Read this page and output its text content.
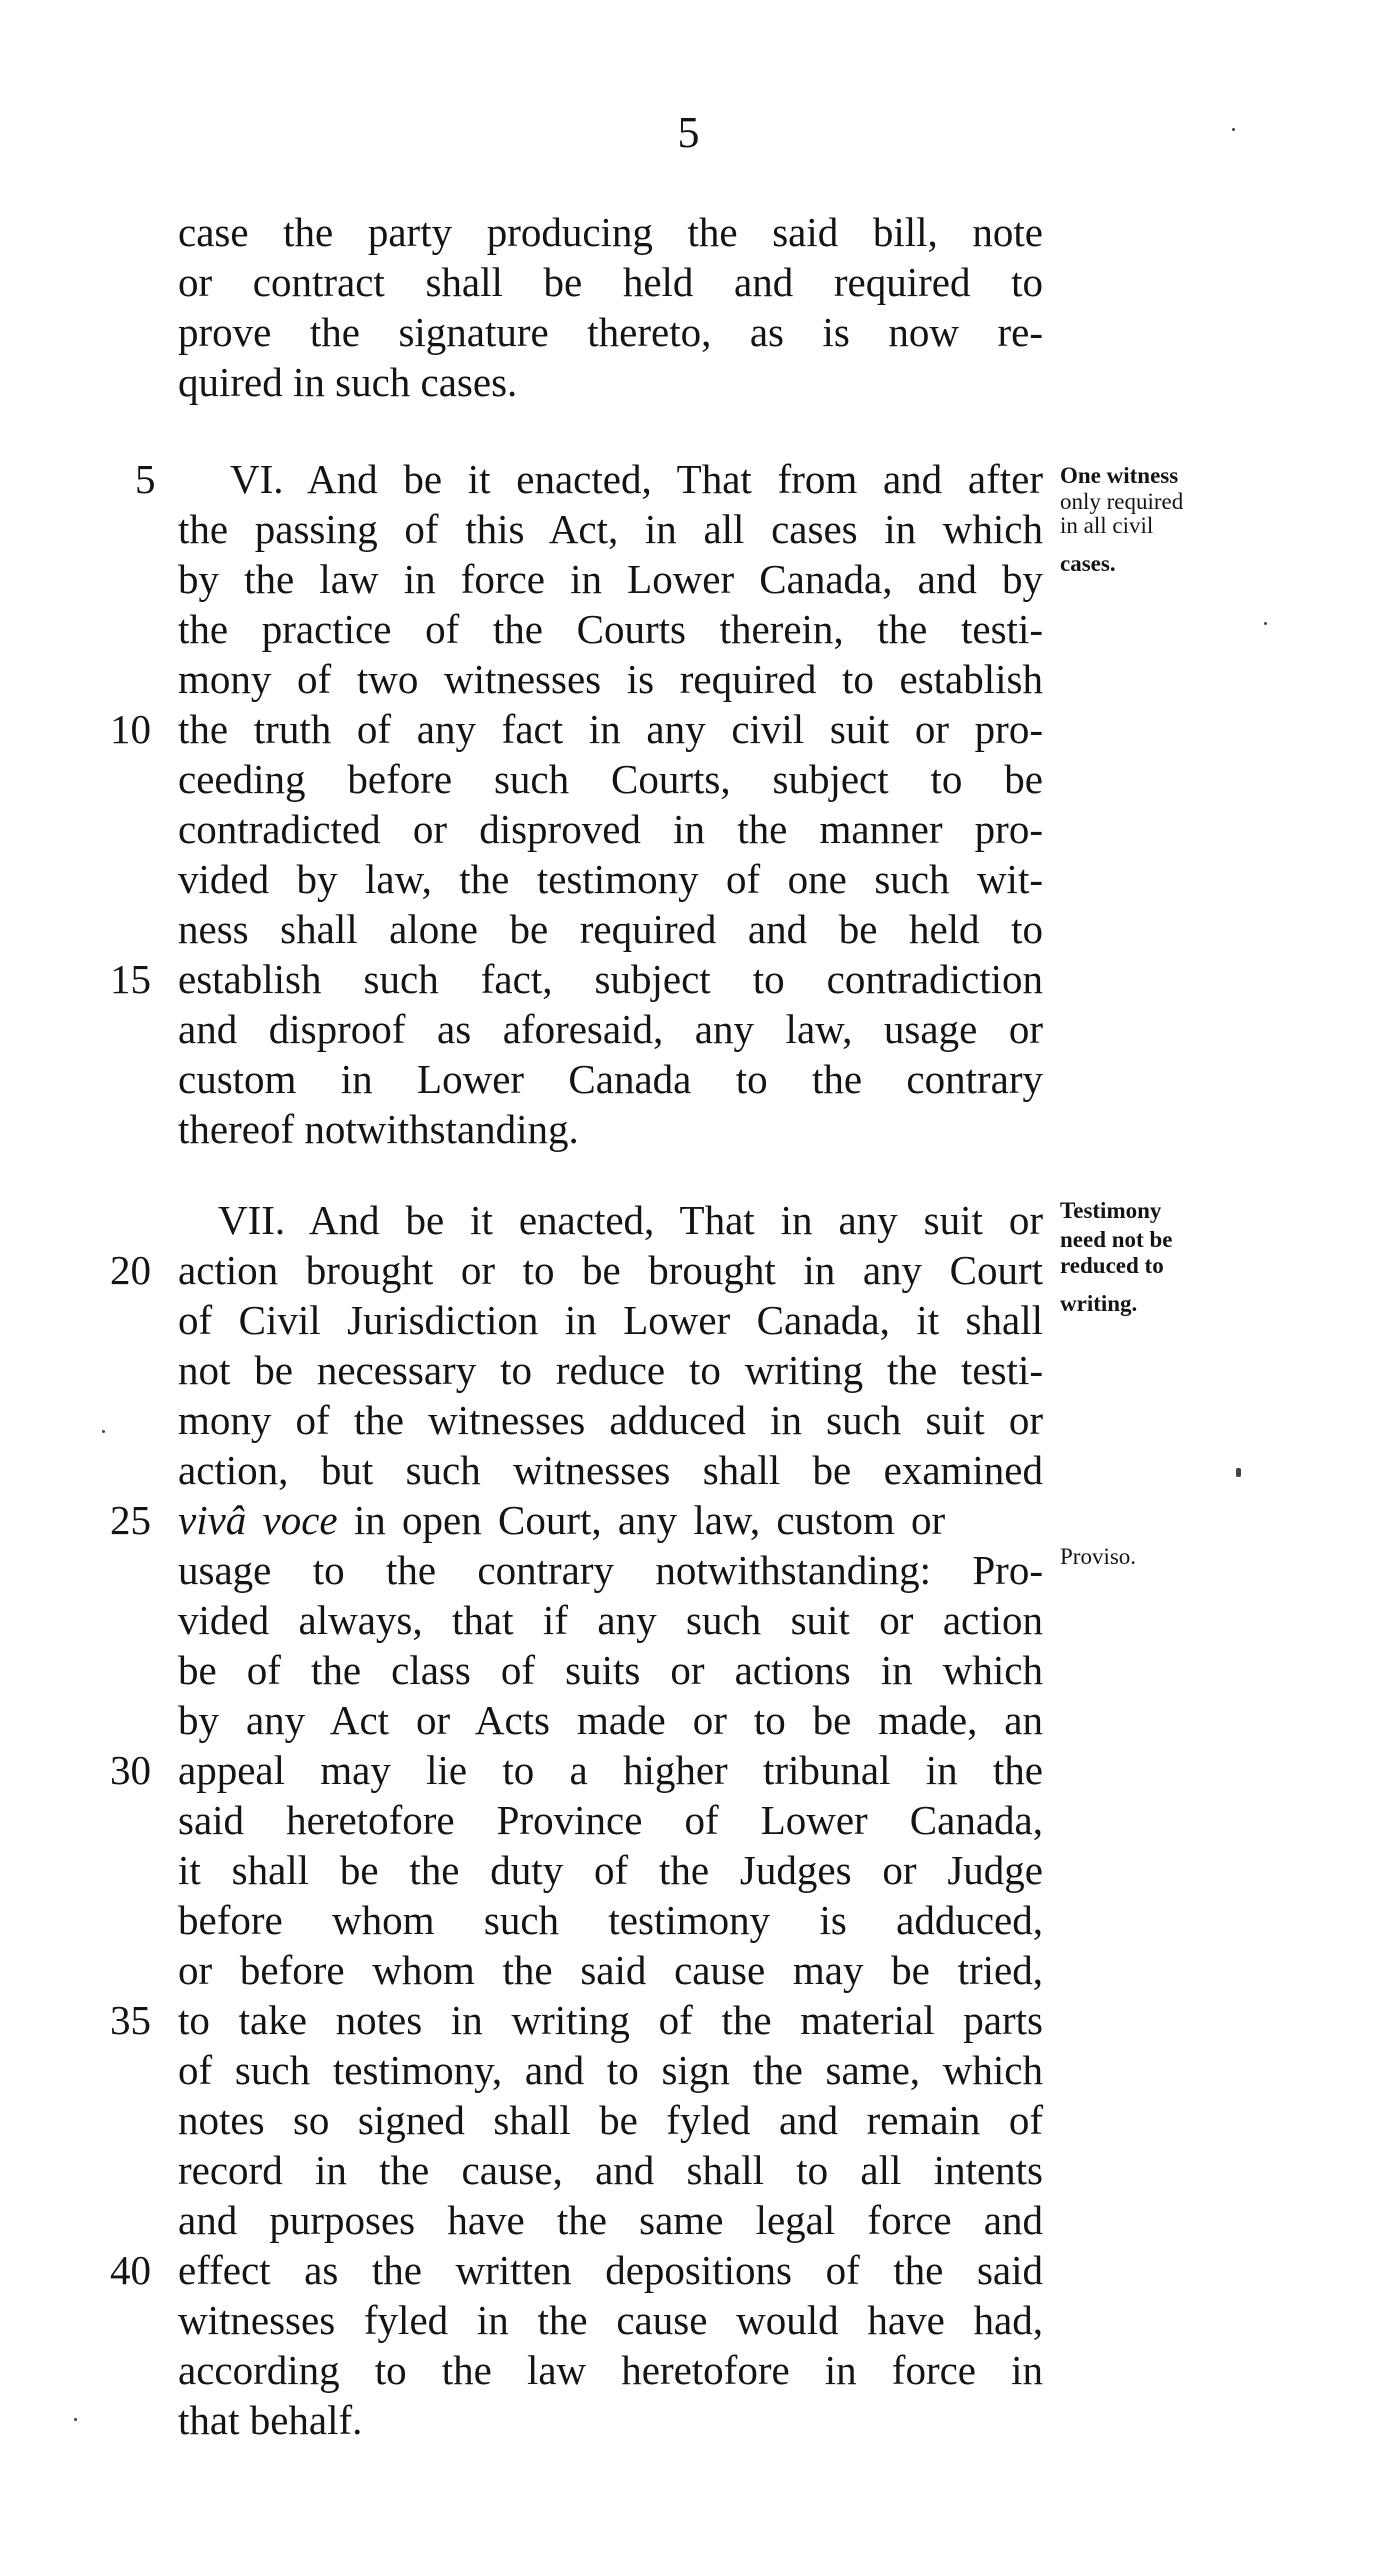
5
case the party producing the said bill, note
or contract shall be held and required to
prove the signature thereto, as is now re-
quired in such cases.
5	VI. And be it enacted, That from and after
the passing of this Act, in all cases in which
by the law in force in Lower Canada, and by
the practice of the Courts therein, the testi-
mony of two witnesses is required to establish
10 the truth of any fact in any civil suit or pro-
ceeding before such Courts, subject to be
contradicted or disproved in the manner pro-
vided by law, the testimony of one such wit-
ness shall alone be required and be held to
15 establish such fact, subject to contradiction
and disproof as aforesaid, any law, usage or
custom in Lower Canada to the contrary
thereof notwithstanding.
One witness
only required
in all civil
cases.
VII. And be it enacted, That in any suit or
20 action brought or to be brought in any Court
of Civil Jurisdiction in Lower Canada, it shall
not be necessary to reduce to writing the testi-
mony of the witnesses adduced in such suit or
action, but such witnesses shall be examined
25 vivâ voce in open Court, any law, custom or
usage to the contrary notwithstanding: Pro-
vided always, that if any such suit or action
be of the class of suits or actions in which
by any Act or Acts made or to be made, an
30 appeal may lie to a higher tribunal in the
said heretofore Province of Lower Canada,
it shall be the duty of the Judges or Judge
before whom such testimony is adduced,
or before whom the said cause may be tried,
35 to take notes in writing of the material parts
of such testimony, and to sign the same, which
notes so signed shall be fyled and remain of
record in the cause, and shall to all intents
and purposes have the same legal force and
40 effect as the written depositions of the said
witnesses fyled in the cause would have had,
according to the law heretofore in force in
that behalf.
Testimony
need not be
reduced to
writing.
Proviso.
